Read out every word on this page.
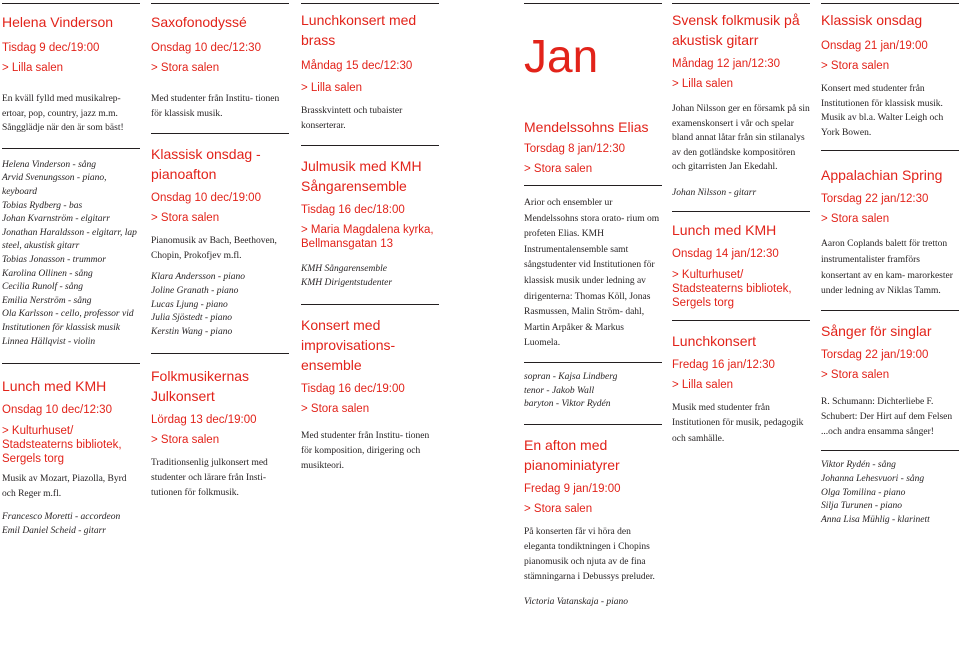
Helena Vinderson
Tisdag 9 dec/19:00
> Lilla salen
En kväll fylld med musikalrep- ertoar, pop, country, jazz m.m. Sångglädje när den är som bäst!
Helena Vinderson - sång
Arvid Svenungsson - piano, keyboard
Tobias Rydberg - bas
Johan Kvarnström - elgitarr
Jonathan Haraldsson - elgitarr, lap steel, akustisk gitarr
Tobias Jonasson - trummor
Karolina Ollinen - sång
Cecilia Runolf - sång
Emilia Nerström - sång
Ola Karlsson - cello, professor vid Institutionen för klassisk musik
Linnea Hällqvist - violin
Lunch med KMH
Onsdag 10 dec/12:30
> Kulturhuset/ Stadsteaterns bibliotek, Sergels torg
Musik av Mozart, Piazolla, Byrd och Reger m.fl.
Francesco Moretti - accordeon
Emil Daniel Scheid - gitarr
Saxofonodyssé
Onsdag 10 dec/12:30
> Stora salen
Med studenter från Institu- tionen för klassisk musik.
Klassisk onsdag - pianoafton
Onsdag 10 dec/19:00
> Stora salen
Pianomusik av Bach, Beethoven, Chopin, Prokofjev m.fl.
Klara Andersson - piano
Joline Granath - piano
Lucas Ljung - piano
Julia Sjöstedt - piano
Kerstin Wang - piano
Folkmusikernas Julkonsert
Lördag 13 dec/19:00
> Stora salen
Traditionsenlig julkonsert med studenter och lärare från Insti- tutionen för folkmusik.
Lunchkonsert med brass
Måndag 15 dec/12:30
> Lilla salen
Brasskvintett och tubaister konserterar.
Julmusik med KMH Sångarensemble
Tisdag 16 dec/18:00
> Maria Magdalena kyrka, Bellmansgatan 13
KMH Sångarensemble
KMH Dirigentstudenter
Konsert med improvisations- ensemble
Tisdag 16 dec/19:00
> Stora salen
Med studenter från Institu- tionen för komposition, dirigering och musikteori.
Jan
Mendelssohns Elias
Torsdag 8 jan/12:30
> Stora salen
Arior och ensembler ur Mendelssohns stora orato- rium om profeten Elias. KMH Instrumentalensemble samt sångstudenter vid Institutionen för klassisk musik under ledning av dirigenterna: Thomas Köll, Jonas Rasmussen, Malin Ström- dahl, Martin Arpåker & Markus Luomela.
sopran - Kajsa Lindberg
tenor - Jakob Wall
baryton - Viktor Rydén
En afton med pianominiatyrer
Fredag 9 jan/19:00
> Stora salen
På konserten får vi höra den eleganta tondiktningen i Chopins pianomusik och njuta av de fina stämningarna i Debussys preluder.
Victoria Vatanskaja - piano
Svensk folkmusik på akustisk gitarr
Måndag 12 jan/12:30
> Lilla salen
Johan Nilsson ger en församk på sin examenskonsert i vår och spelar bland annat låtar från sin stilanalys av den gotländske kompositören och gitarristen Jan Ekedahl.
Johan Nilsson - gitarr
Lunch med KMH
Onsdag 14 jan/12:30
> Kulturhuset/ Stadsteaterns bibliotek, Sergels torg
Lunchkonsert
Fredag 16 jan/12:30
> Lilla salen
Musik med studenter från Institutionen för musik, pedagogik och samhälle.
Klassisk onsdag
Onsdag 21 jan/19:00
> Stora salen
Konsert med studenter från Institutionen för klassisk musik. Musik av bl.a. Walter Leigh och York Bowen.
Appalachian Spring
Torsdag 22 jan/12:30
> Stora salen
Aaron Coplands balett för tretton instrumentalister framförs konsertant av en kam- marorkester under ledning av Niklas Tamm.
Sånger för singlar
Torsdag 22 jan/19:00
> Stora salen
R. Schumann: Dichterliebe F. Schubert: Der Hirt auf dem Felsen ...och andra ensamma sånger!
Viktor Rydén - sång
Johanna Lehesvuori - sång
Olga Tomilina - piano
Silja Turunen - piano
Anna Lisa Mühlig - klarinett
